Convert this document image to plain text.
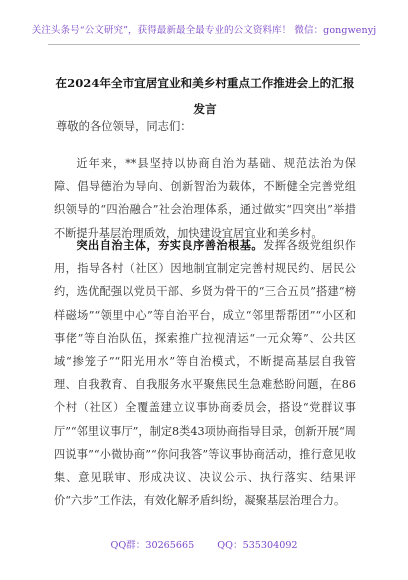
关注头条号“公文研究”，获得最新最全最专业的公文资料库！ 微信：gongwenyj
在2024年全市宜居宜业和美乡村重点工作推进会上的汇报
发言
尊敬的各位领导，同志们：

近年来，**县坚持以协商自治为基础、规范法治为保障、倡导德治为导向、创新智治为载体，不断健全完善党组织领导的“四治融合”社会治理体系，通过做实“四突出”举措不断提升基层治理质效，加快建设宜居宜业和美乡村。

突出自治主体，夯实良序善治根基。发挥各级党组织作用，指导各村（社区）因地制宜制定完善村规民约、居民公约，选优配强以党员干部、乡贤为骨干的“三合五员”搭建“榜样磁场”“领里中心”等自治平台，成立“邻里帮帮团”“小区和事佬”等自治队伍，探索推广拉视清运“一元众筹”、公共区域“掺笼子”“阳光用水”等自治模式，不断提高基层自我管理、自我教育、自我服务水平聚焦民生急难愁盼问题，在86个村（社区）全覆盖建立议事协商委员会，搭设“党群议事厅”“邻里议事厅”，制定8类43项协商指导目录，创新开展“周四说事”“小微协商”“你问我答”等议事协商活动，推行意见收集、意见联审、形成决议、决议公示、执行落实、结果评价“六步”工作法，有效化解矛盾纠纷，凝聚基层治理合力。

QQ群：30265665 QQ：535304092
